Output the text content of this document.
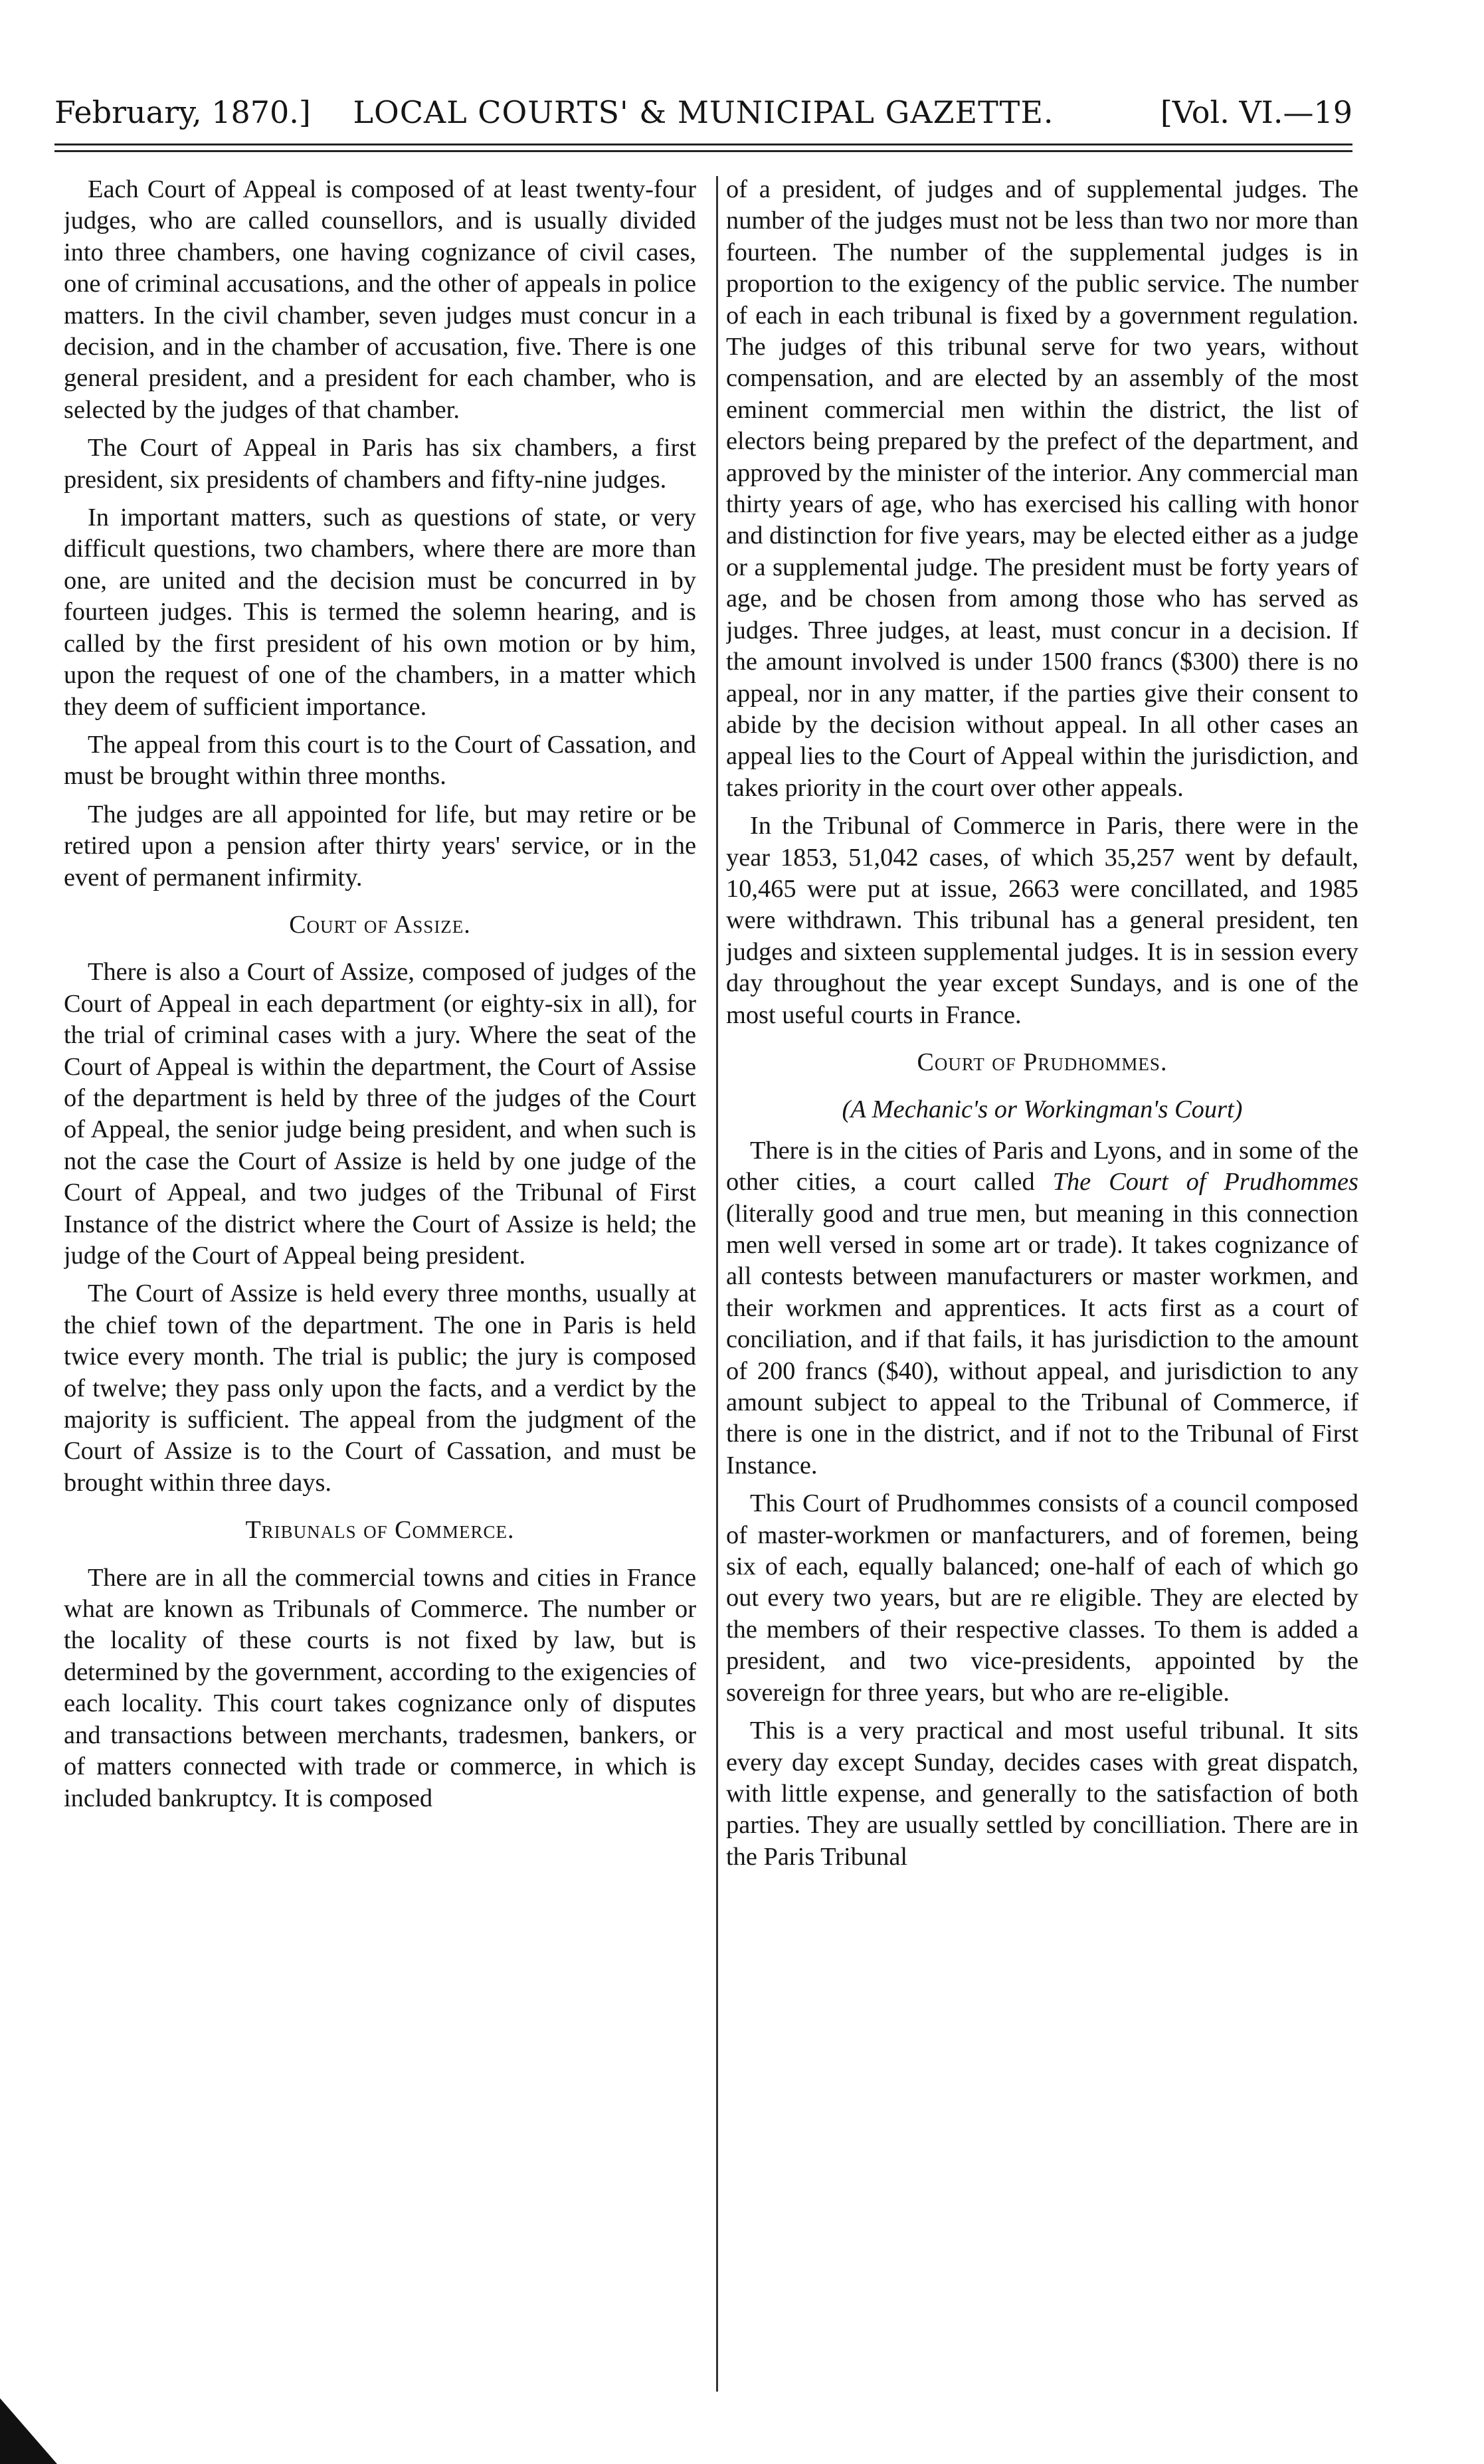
February, 1870.]	LOCAL COURTS' & MUNICIPAL GAZETTE.	[Vol. VI.—19

Each Court of Appeal is composed of at least twenty-four judges, who are called counsellors, and is usually divided into three chambers, one having cognizance of civil cases, one of criminal accusations, and the other of appeals in police matters. In the civil chamber, seven judges must concur in a decision, and in the chamber of accusation, five. There is one general president, and a president for each chamber, who is selected by the judges of that chamber.

The Court of Appeal in Paris has six chambers, a first president, six presidents of chambers and fifty-nine judges.

In important matters, such as questions of state, or very difficult questions, two chambers, where there are more than one, are united and the decision must be concurred in by fourteen judges. This is termed the solemn hearing, and is called by the first president of his own motion or by him, upon the request of one of the chambers, in a matter which they deem of sufficient importance.

The appeal from this court is to the Court of Cassation, and must be brought within three months.

The judges are all appointed for life, but may retire or be retired upon a pension after thirty years' service, or in the event of permanent infirmity.

Court of Assize.

There is also a Court of Assize, composed of judges of the Court of Appeal in each department (or eighty-six in all), for the trial of criminal cases with a jury. Where the seat of the Court of Appeal is within the department, the Court of Assise of the department is held by three of the judges of the Court of Appeal, the senior judge being president, and when such is not the case the Court of Assize is held by one judge of the Court of Appeal, and two judges of the Tribunal of First Instance of the district where the Court of Assize is held; the judge of the Court of Appeal being president.

The Court of Assize is held every three months, usually at the chief town of the department. The one in Paris is held twice every month. The trial is public; the jury is composed of twelve; they pass only upon the facts, and a verdict by the majority is sufficient. The appeal from the judgment of the Court of Assize is to the Court of Cassation, and must be brought within three days.

Tribunals of Commerce.

There are in all the commercial towns and cities in France what are known as Tribunals of Commerce. The number or the locality of these courts is not fixed by law, but is determined by the government, according to the exigencies of each locality. This court takes cognizance only of disputes and transactions between merchants, tradesmen, bankers, or of matters connected with trade or commerce, in which is included bankruptcy. It is composed

of a president, of judges and of supplemental judges. The number of the judges must not be less than two nor more than fourteen. The number of the supplemental judges is in proportion to the exigency of the public service. The number of each in each tribunal is fixed by a government regulation. The judges of this tribunal serve for two years, without compensation, and are elected by an assembly of the most eminent commercial men within the district, the list of electors being prepared by the prefect of the department, and approved by the minister of the interior. Any commercial man thirty years of age, who has exercised his calling with honor and distinction for five years, may be elected either as a judge or a supplemental judge. The president must be forty years of age, and be chosen from among those who has served as judges. Three judges, at least, must concur in a decision. If the amount involved is under 1500 francs ($300) there is no appeal, nor in any matter, if the parties give their consent to abide by the decision without appeal. In all other cases an appeal lies to the Court of Appeal within the jurisdiction, and takes priority in the court over other appeals.

In the Tribunal of Commerce in Paris, there were in the year 1853, 51,042 cases, of which 35,257 went by default, 10,465 were put at issue, 2663 were concillated, and 1985 were withdrawn. This tribunal has a general president, ten judges and sixteen supplemental judges. It is in session every day throughout the year except Sundays, and is one of the most useful courts in France.

Court of Prudhommes.
(A Mechanic's or Workingman's Court)

There is in the cities of Paris and Lyons, and in some of the other cities, a court called The Court of Prudhommes (literally good and true men, but meaning in this connection men well versed in some art or trade). It takes cognizance of all contests between manufacturers or master workmen, and their workmen and apprentices. It acts first as a court of conciliation, and if that fails, it has jurisdiction to the amount of 200 francs ($40), without appeal, and jurisdiction to any amount subject to appeal to the Tribunal of Commerce, if there is one in the district, and if not to the Tribunal of First Instance.

This Court of Prudhommes consists of a council composed of master-workmen or manfacturers, and of foremen, being six of each, equally balanced; one-half of each of which go out every two years, but are re eligible. They are elected by the members of their respective classes. To them is added a president, and two vice-presidents, appointed by the sovereign for three years, but who are re-eligible.

This is a very practical and most useful tribunal. It sits every day except Sunday, decides cases with great dispatch, with little expense, and generally to the satisfaction of both parties. They are usually settled by concilliation. There are in the Paris Tribunal
